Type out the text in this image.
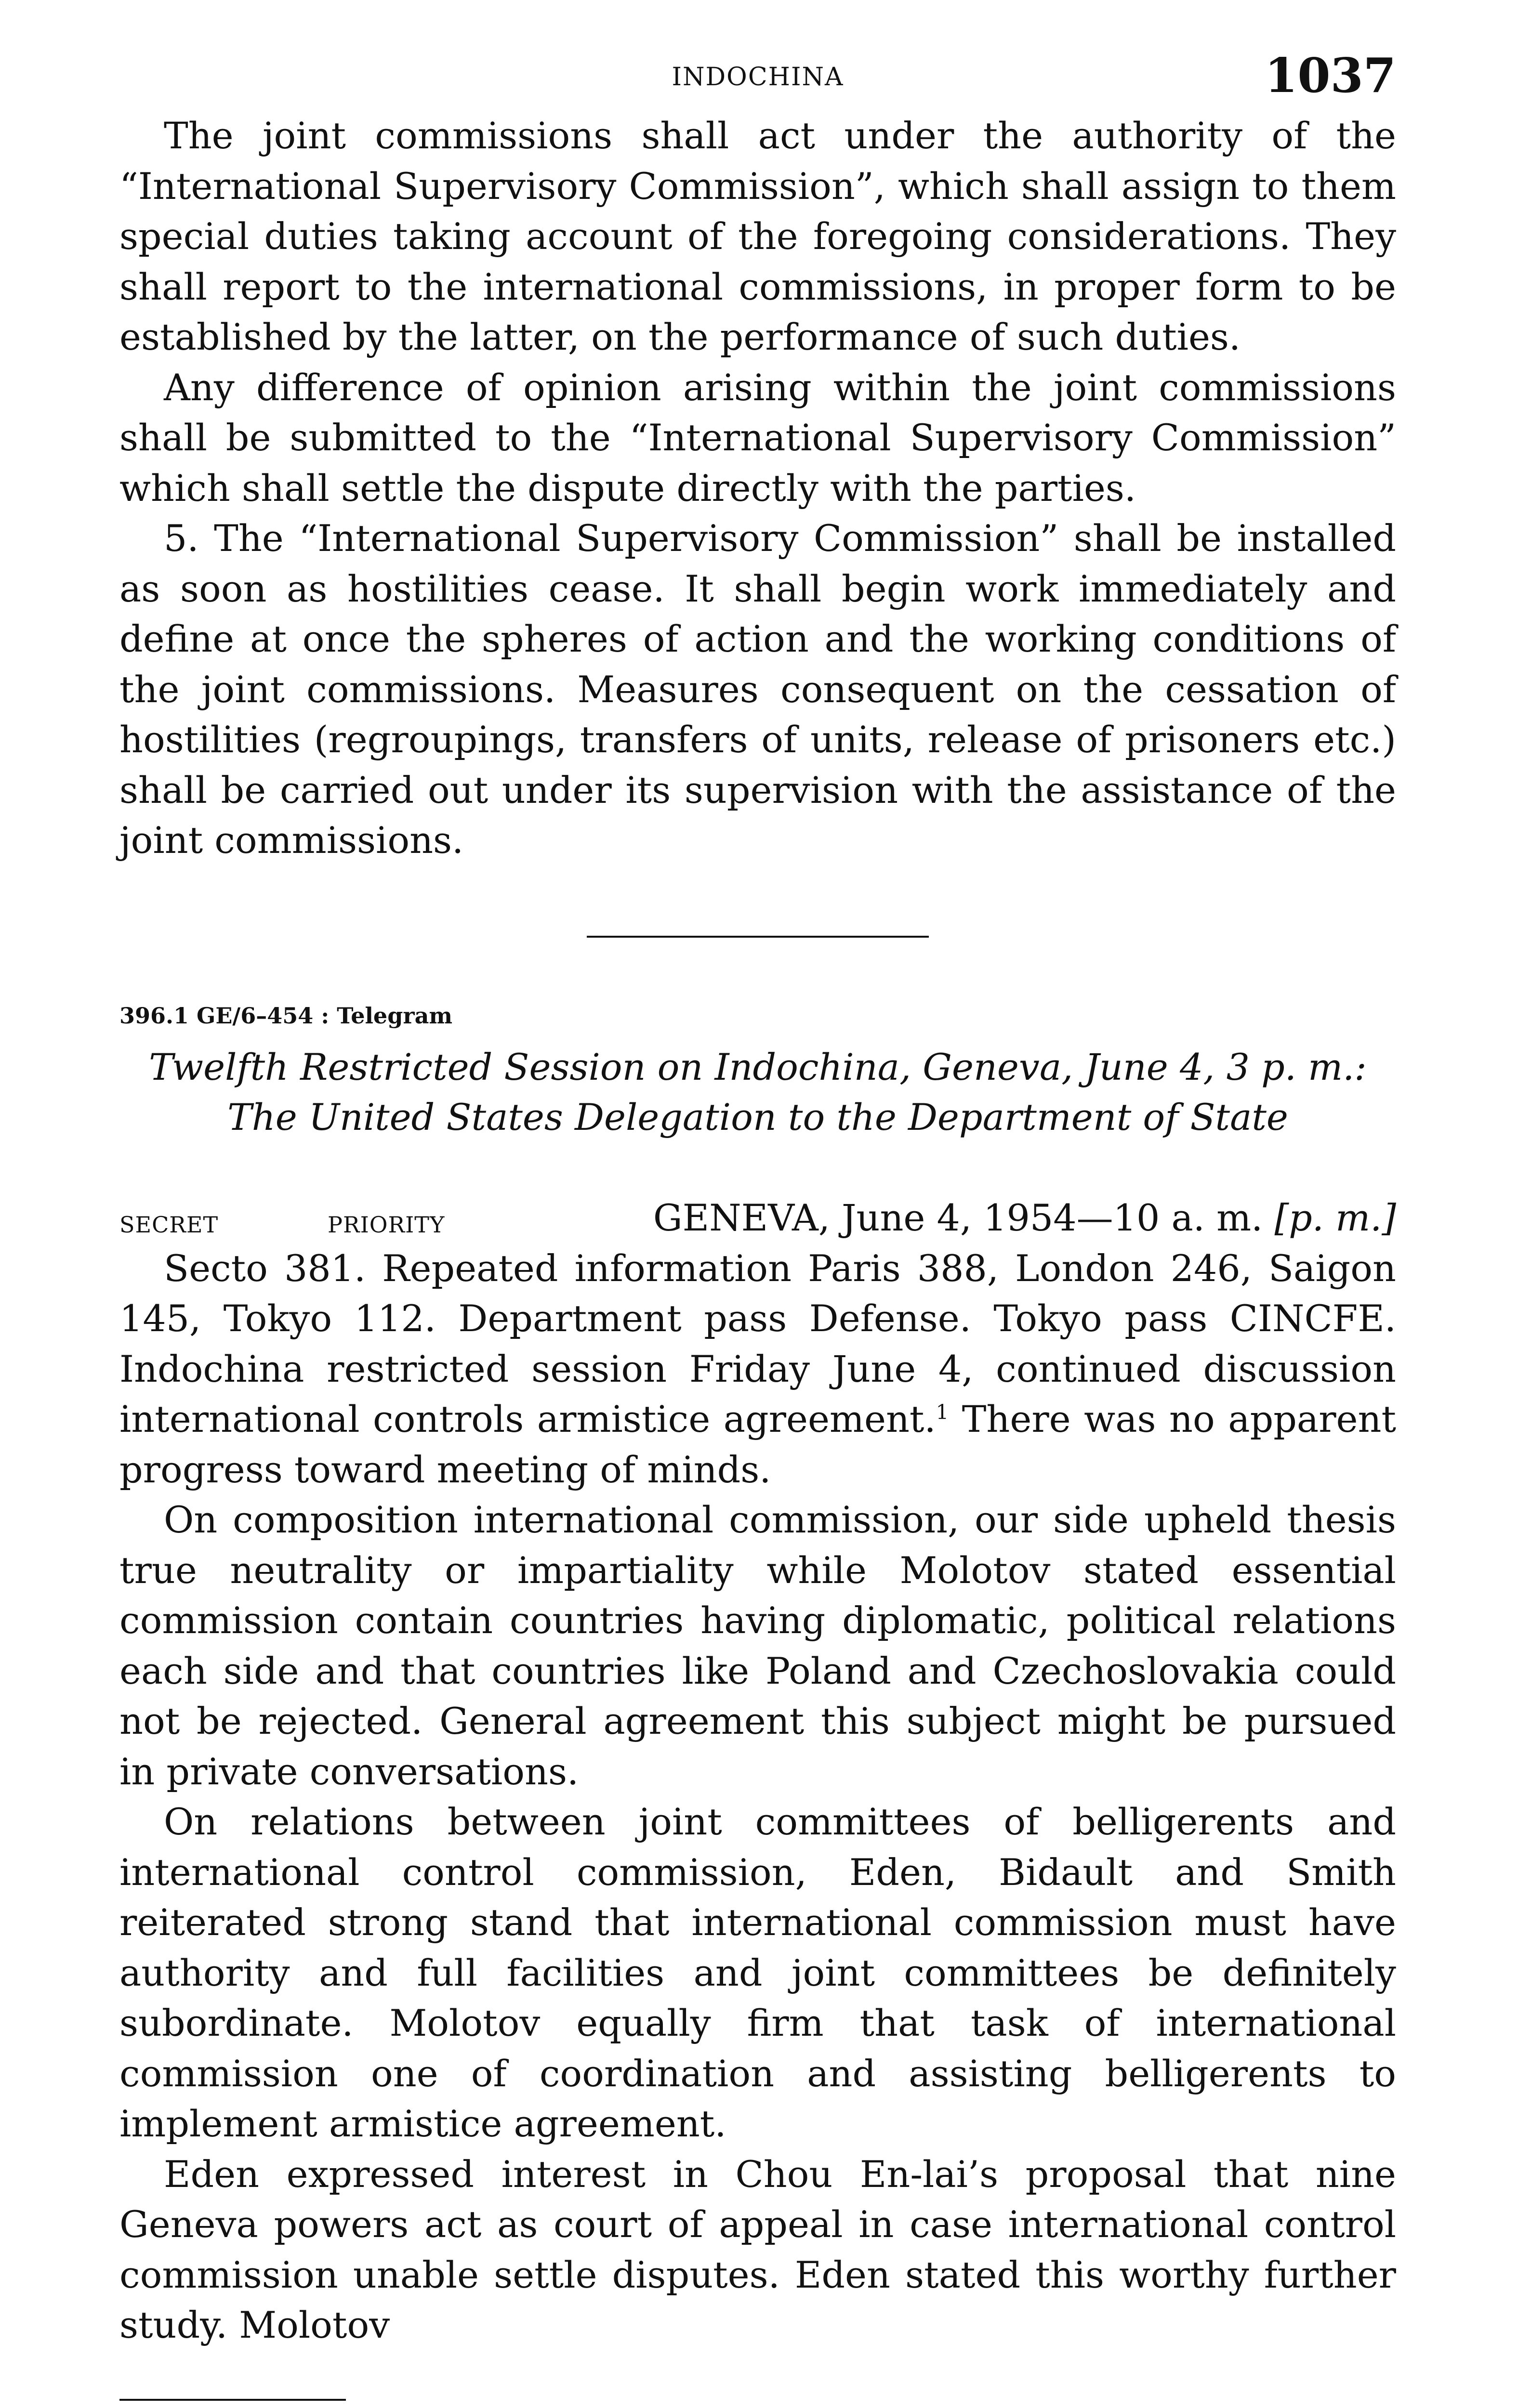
INDOCHINA	1037

The joint commissions shall act under the authority of the “International Supervisory Commission”, which shall assign to them special duties taking account of the foregoing considerations. They shall report to the international commissions, in proper form to be established by the latter, on the performance of such duties.

Any difference of opinion arising within the joint commissions shall be submitted to the “International Supervisory Commission” which shall settle the dispute directly with the parties.

5. The “International Supervisory Commission” shall be installed as soon as hostilities cease. It shall begin work immediately and define at once the spheres of action and the working conditions of the joint commissions. Measures consequent on the cessation of hostilities (regroupings, transfers of units, release of prisoners etc.) shall be carried out under its supervision with the assistance of the joint commissions.

396.1 GE/6–454 : Telegram
Twelfth Restricted Session on Indochina, Geneva, June 4, 3 p. m.:
The United States Delegation to the Department of State
SECRET	PRIORITY	GENEVA, June 4, 1954—10 a. m. [p. m.]

Secto 381. Repeated information Paris 388, London 246, Saigon 145, Tokyo 112. Department pass Defense. Tokyo pass CINCFE. Indochina restricted session Friday June 4, continued discussion international controls armistice agreement.$^1$ There was no apparent progress toward meeting of minds.

On composition international commission, our side upheld thesis true neutrality or impartiality while Molotov stated essential commission contain countries having diplomatic, political relations each side and that countries like Poland and Czechoslovakia could not be rejected. General agreement this subject might be pursued in private conversations.

On relations between joint committees of belligerents and international control commission, Eden, Bidault and Smith reiterated strong stand that international commission must have authority and full facilities and joint committees be definitely subordinate. Molotov equally firm that task of international commission one of coordination and assisting belligerents to implement armistice agreement.

Eden expressed interest in Chou En-lai’s proposal that nine Geneva powers act as court of appeal in case international control commission unable settle disputes. Eden stated this worthy further study. Molotov
